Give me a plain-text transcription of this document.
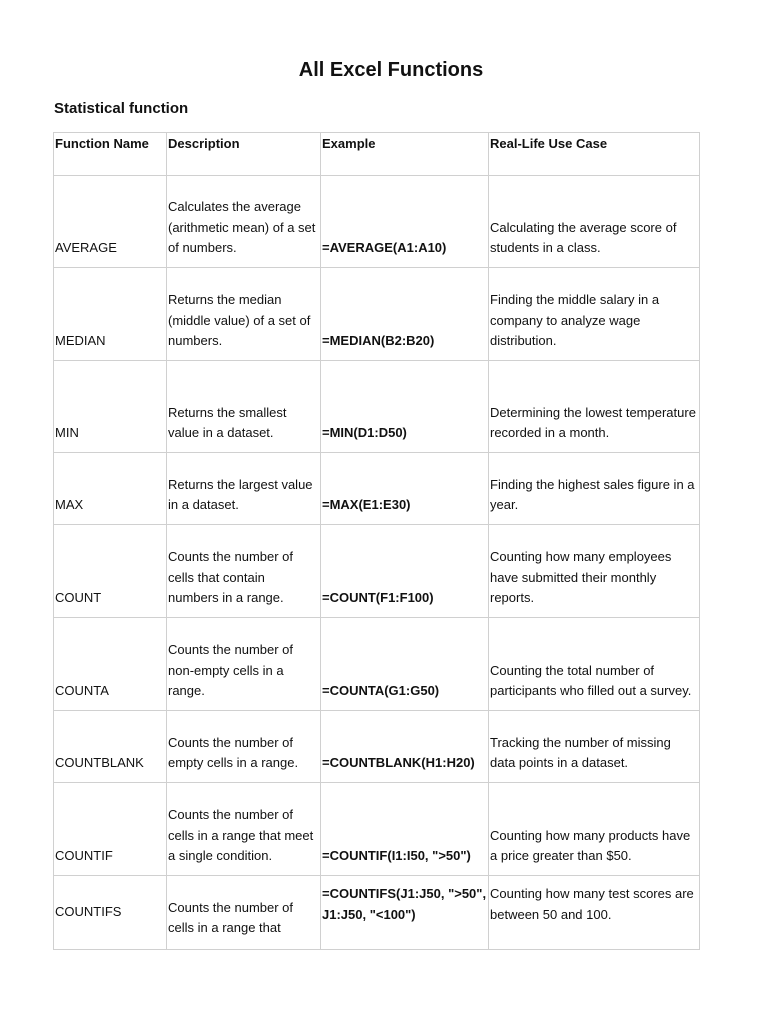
All Excel Functions
Statistical function
Function Name	Description	Example	Real-Life Use Case
AVERAGE	Calculates the average (arithmetic mean) of a set of numbers.	=AVERAGE(A1:A10)	Calculating the average score of students in a class.
MEDIAN	Returns the median (middle value) of a set of numbers.	=MEDIAN(B2:B20)	Finding the middle salary in a company to analyze wage distribution.
MIN	Returns the smallest value in a dataset.	=MIN(D1:D50)	Determining the lowest temperature recorded in a month.
MAX	Returns the largest value in a dataset.	=MAX(E1:E30)	Finding the highest sales figure in a year.
COUNT	Counts the number of cells that contain numbers in a range.	=COUNT(F1:F100)	Counting how many employees have submitted their monthly reports.
COUNTA	Counts the number of non-empty cells in a range.	=COUNTA(G1:G50)	Counting the total number of participants who filled out a survey.
COUNTBLANK	Counts the number of empty cells in a range.	=COUNTBLANK(H1:H20)	Tracking the number of missing data points in a dataset.
COUNTIF	Counts the number of cells in a range that meet a single condition.	=COUNTIF(I1:I50, ">50")	Counting how many products have a price greater than $50.
COUNTIFS	Counts the number of cells in a range that	=COUNTIFS(J1:J50, ">50", J1:J50, "<100")	Counting how many test scores are between 50 and 100.
